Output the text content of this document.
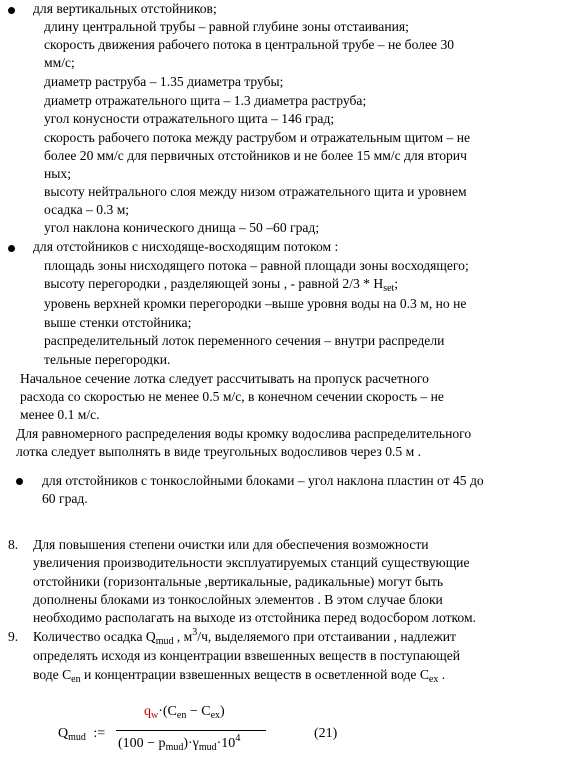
для вертикальных отстойников;
длину центральной трубы – равной глубине зоны отстаивания;
скорость движения рабочего потока в центральной трубе – не более 30
мм/с;
диаметр раструба – 1.35 диаметра трубы;
диаметр отражательного щита – 1.3 диаметра раструба;
угол конусности отражательного щита – 146 град;
скорость рабочего потока между раструбом и отражательным щитом – не
более 20 мм/с для первичных отстойников и не более 15 мм/с для вторич
ных;
высоту нейтрального слоя между низом отражательного щита и уровнем
осадка – 0.3 м;
угол наклона конического днища – 50 –60 град;
для отстойников с нисходяще-восходящим потоком :
площадь зоны нисходящего потока – равной площади зоны восходящего;
высоту перегородки , разделяющей зоны , - равной $2/3 * H_{set}$;
уровень верхней кромки перегородки –выше уровня воды на 0.3 м, но не
выше стенки отстойника;
распределительный лоток переменного сечения – внутри распредели
тельные перегородки.
Начальное сечение лотка следует рассчитывать на пропуск расчетного
расхода со скоростью не менее 0.5 м/с, в конечном сечении скорость – не
менее 0.1 м/с.
Для равномерного распределения воды кромку водослива распределительного
лотка следует выполнять в виде треугольных водосливов через 0.5 м .
для отстойников с тонкослойными блоками – угол наклона пластин от 45 до
60 град.
8. Для повышения степени очистки или для обеспечения возможности
увеличения производительности эксплуатируемых станций существующие
отстойники (горизонтальные ,вертикальные, радикальные) могут быть
дополнены блоками из тонкослойных элементов . В этом случае блоки
необходимо располагать на выходе из отстойника перед водосбором лотком.
9. Количество осадка $Q_{mud}$ , $м^3/ч$, выделяемого при отстаивании , надлежит
определять исходя из концентрации взвешенных веществ в поступающей
воде $С_{en}$ и концентрации взвешенных веществ в осветленной воде $С_{ex}$ .
$Q_{mud}$ :=
$q_w\cdot(C_{en} - C_{ex})$
$(100 - p_{mud})\cdot\gamma_{mud}\cdot 10^4$	(21)
